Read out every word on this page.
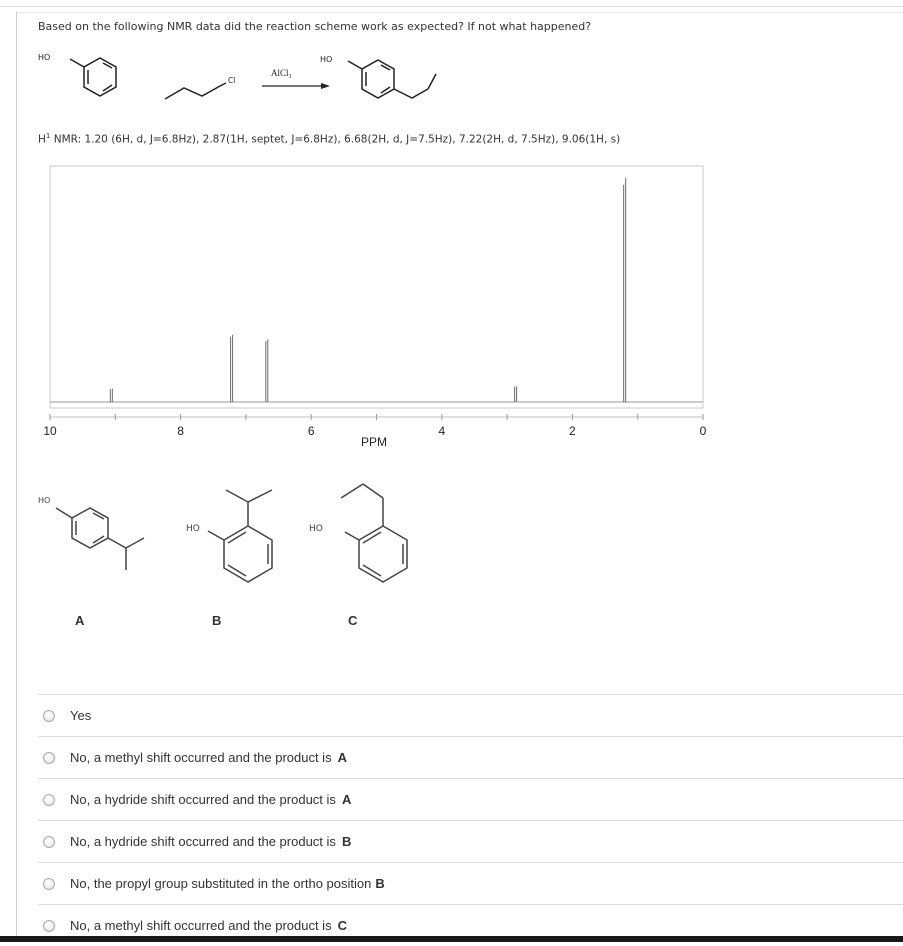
Based on the following NMR data did the reaction scheme work as expected? If not what happened?
HO
Cl
AlCl₃
HO
$H^1$ NMR: 1.20 (6H, d, J=6.8Hz), 2.87(1H, septet, J=6.8Hz), 6.68(2H, d, J=7.5Hz), 7.22(2H, d, 7.5Hz), 9.06(1H, s)
10	8	6	4	2	0
PPM
HO
A
HO
B
HO
C
Yes
No, a methyl shift occurred and the product is A
No, a hydride shift occurred and the product is A
No, a hydride shift occurred and the product is B
No, the propyl group substituted in the ortho position B
No, a methyl shift occurred and the product is C
